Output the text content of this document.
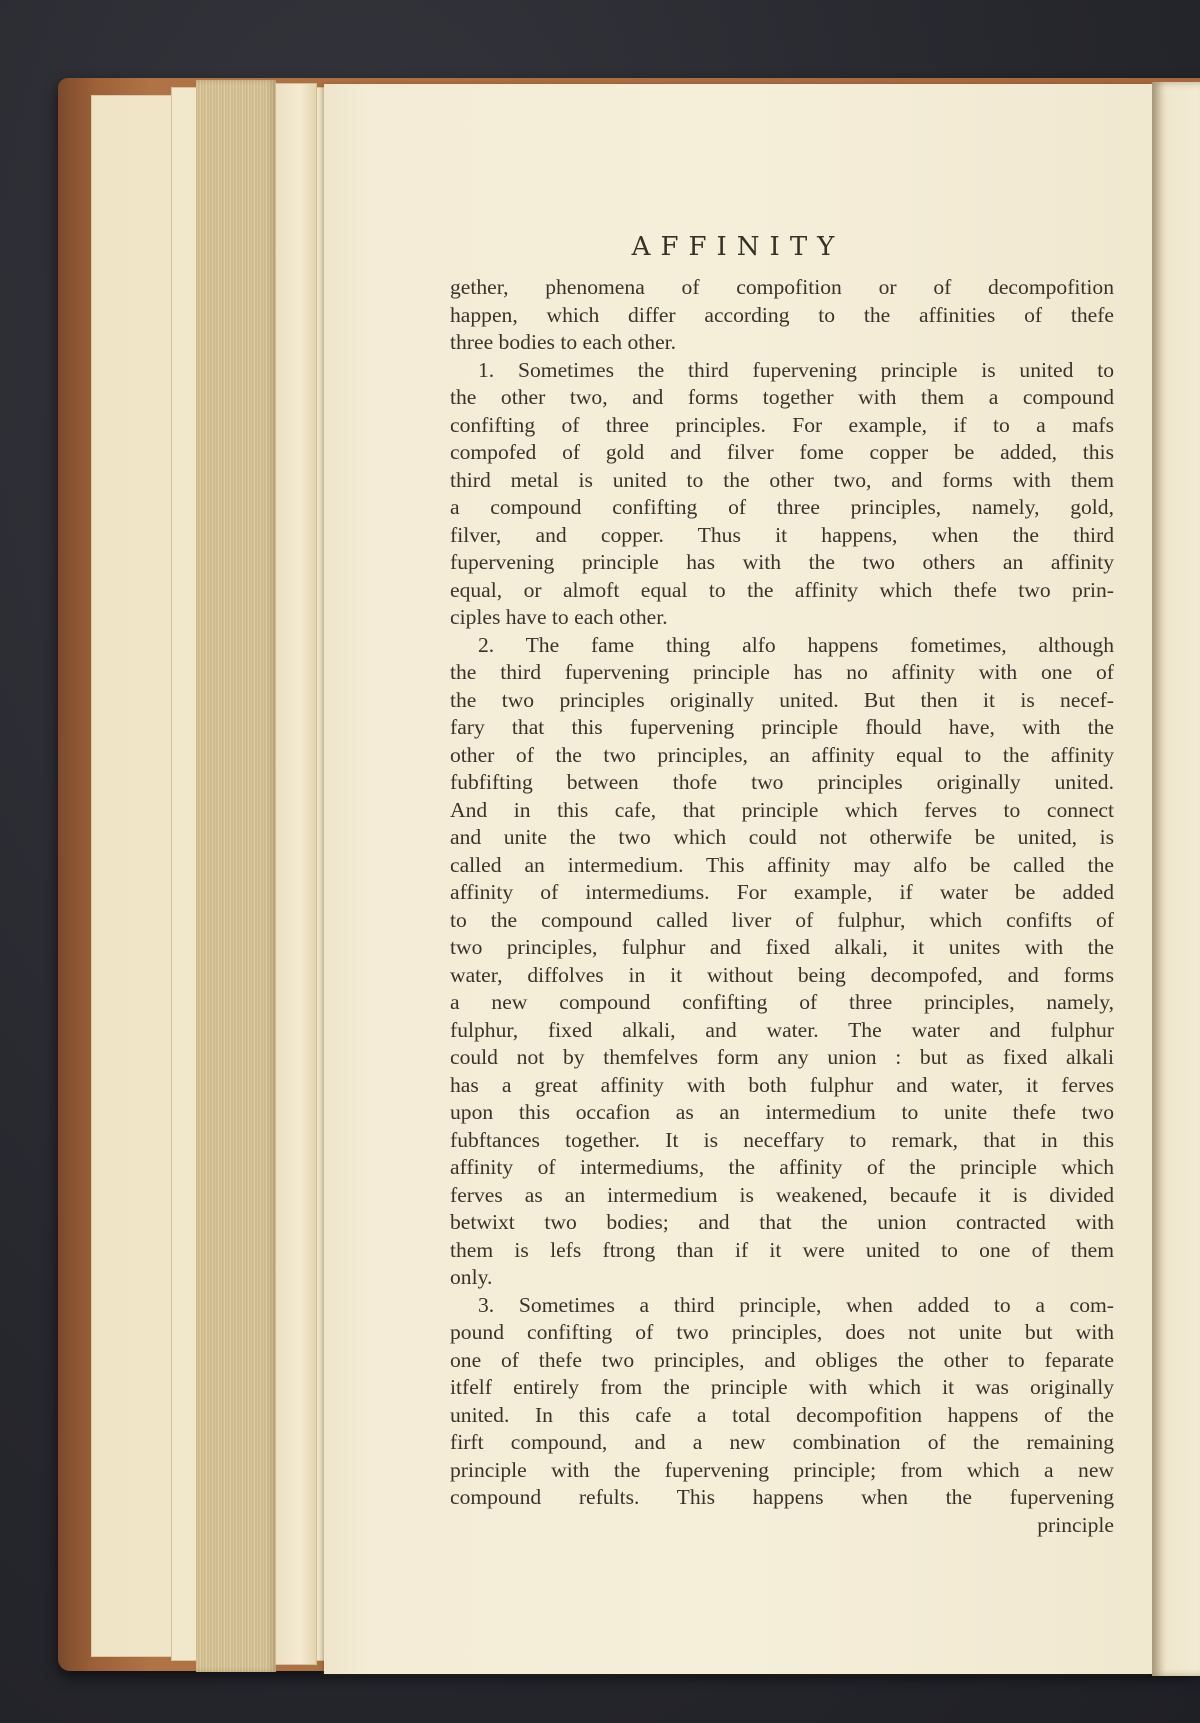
AFFINITY
gether, phenomena of compofition or of decompofition
happen, which differ according to the affinities of thefe
three bodies to each other.
1. Sometimes the third fupervening principle is united to
the other two, and forms together with them a compound
confifting of three principles. For example, if to a mafs
compofed of gold and filver fome copper be added, this
third metal is united to the other two, and forms with them
a compound confifting of three principles, namely, gold,
filver, and copper. Thus it happens, when the third
fupervening principle has with the two others an affinity
equal, or almoft equal to the affinity which thefe two prin-
ciples have to each other.
2. The fame thing alfo happens fometimes, although
the third fupervening principle has no affinity with one of
the two principles originally united. But then it is necef-
fary that this fupervening principle fhould have, with the
other of the two principles, an affinity equal to the affinity
fubfifting between thofe two principles originally united.
And in this cafe, that principle which ferves to connect
and unite the two which could not otherwife be united, is
called an intermedium. This affinity may alfo be called the
affinity of intermediums. For example, if water be added
to the compound called liver of fulphur, which confifts of
two principles, fulphur and fixed alkali, it unites with the
water, diffolves in it without being decompofed, and forms
a new compound confifting of three principles, namely,
fulphur, fixed alkali, and water. The water and fulphur
could not by themfelves form any union : but as fixed alkali
has a great affinity with both fulphur and water, it ferves
upon this occafion as an intermedium to unite thefe two
fubftances together. It is neceffary to remark, that in this
affinity of intermediums, the affinity of the principle which
ferves as an intermedium is weakened, becaufe it is divided
betwixt two bodies; and that the union contracted with
them is lefs ftrong than if it were united to one of them
only.
3. Sometimes a third principle, when added to a com-
pound confifting of two principles, does not unite but with
one of thefe two principles, and obliges the other to feparate
itfelf entirely from the principle with which it was originally
united. In this cafe a total decompofition happens of the
firft compound, and a new combination of the remaining
principle with the fupervening principle; from which a new
compound refults. This happens when the fupervening
principle
